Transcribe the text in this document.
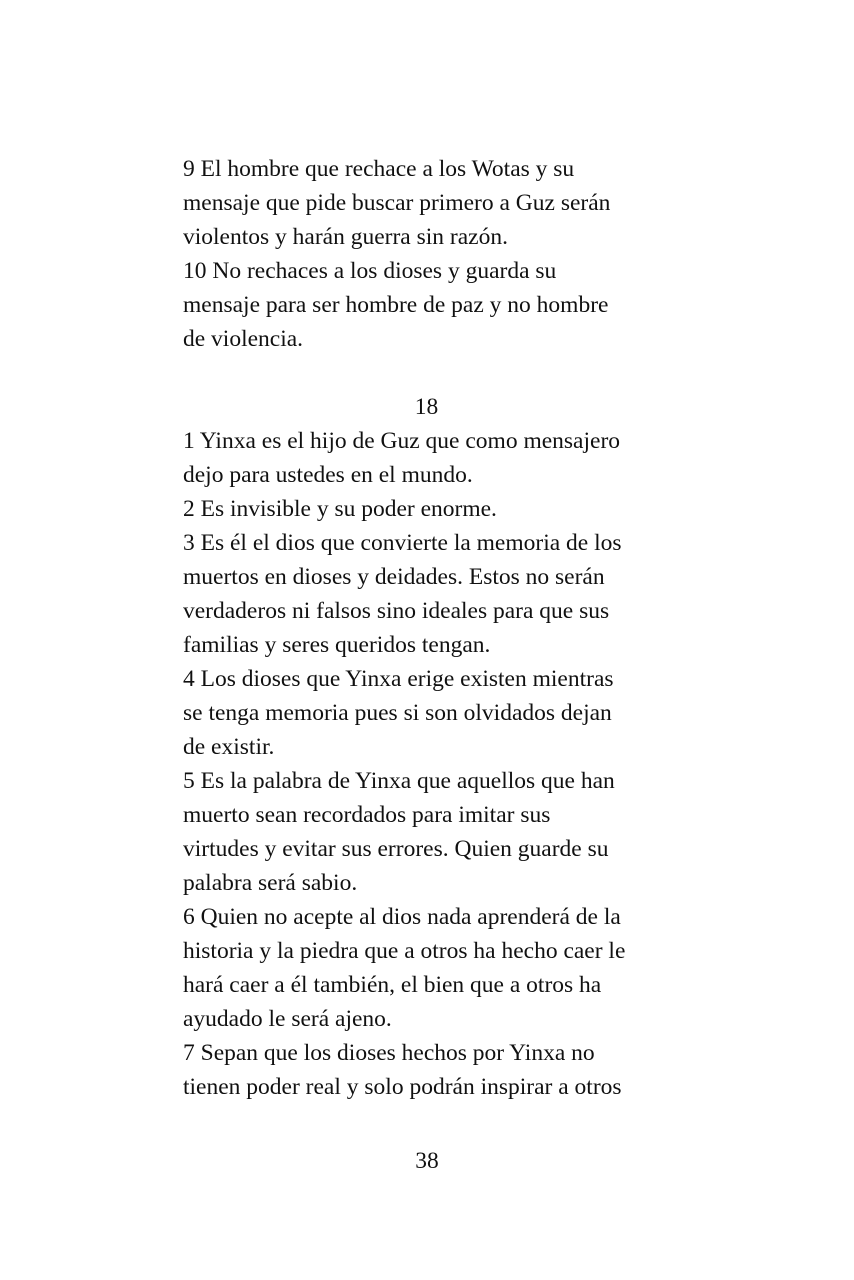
9 El hombre que rechace a los Wotas y su
mensaje que pide buscar primero a Guz serán
violentos y harán guerra sin razón.
10 No rechaces a los dioses y guarda su
mensaje para ser hombre de paz y no hombre
de violencia.
18
1 Yinxa es el hijo de Guz que como mensajero
dejo para ustedes en el mundo.
2 Es invisible y su poder enorme.
3 Es él el dios que convierte la memoria de los
muertos en dioses y deidades. Estos no serán
verdaderos ni falsos sino ideales para que sus
familias y seres queridos tengan.
4 Los dioses que Yinxa erige existen mientras
se tenga memoria pues si son olvidados dejan
de existir.
5 Es la palabra de Yinxa que aquellos que han
muerto sean recordados para imitar sus
virtudes y evitar sus errores. Quien guarde su
palabra será sabio.
6 Quien no acepte al dios nada aprenderá de la
historia y la piedra que a otros ha hecho caer le
hará caer a él también, el bien que a otros ha
ayudado le será ajeno.
7 Sepan que los dioses hechos por Yinxa no
tienen poder real y solo podrán inspirar a otros
38
